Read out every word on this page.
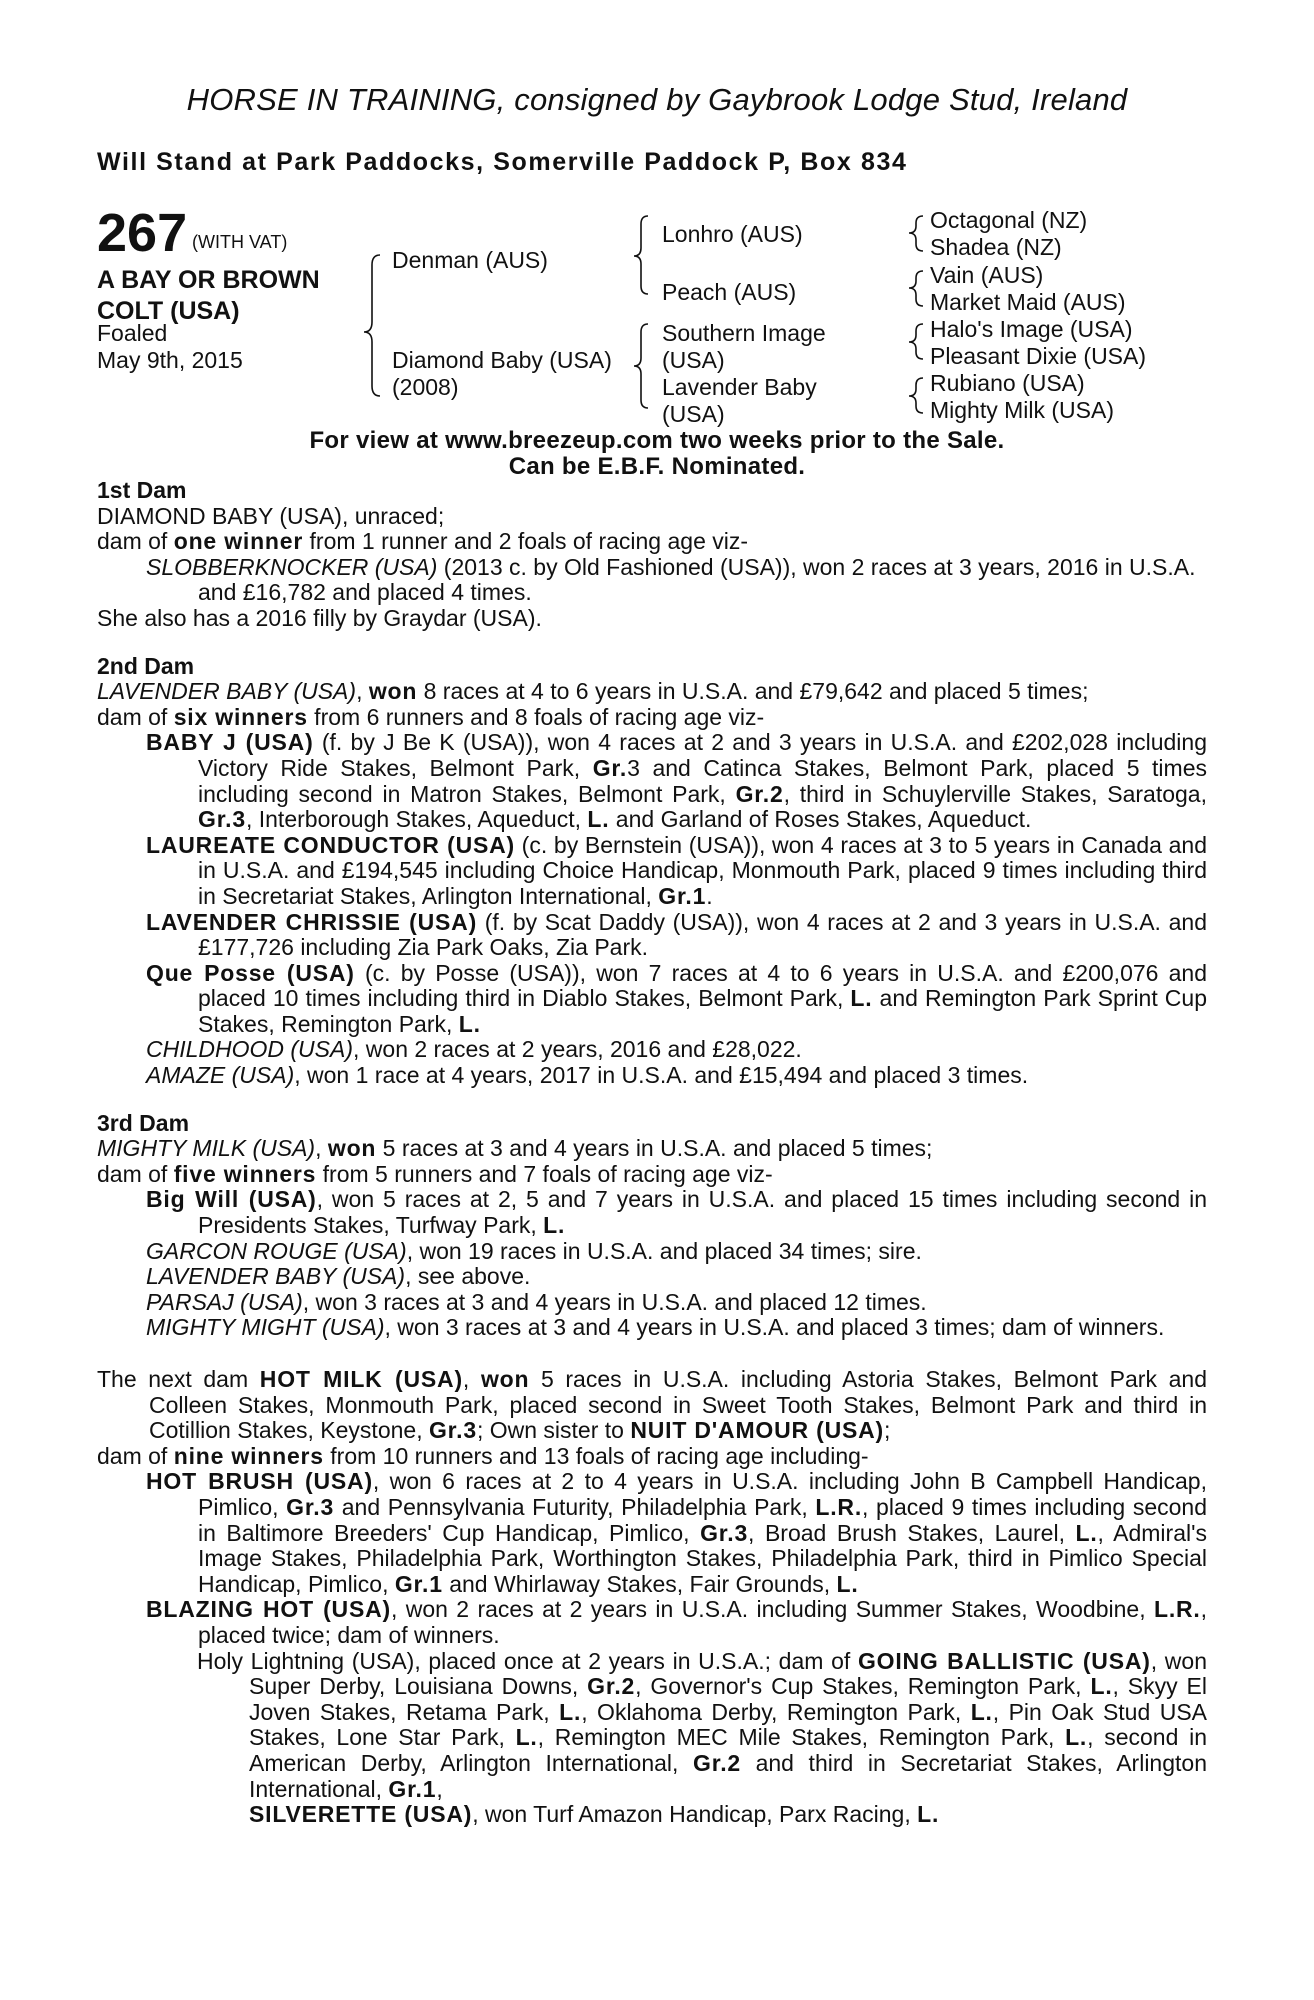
HORSE IN TRAINING, consigned by Gaybrook Lodge Stud, Ireland
Will Stand at Park Paddocks, Somerville Paddock P, Box 834
267 (WITH VAT)
A BAY OR BROWN
COLT (USA)
Foaled
May 9th, 2015
Denman (AUS)
Diamond Baby (USA)
(2008)
Lonhro (AUS)
Peach (AUS)
Southern Image
(USA)
Lavender Baby
(USA)
Octagonal (NZ)
Shadea (NZ)
Vain (AUS)
Market Maid (AUS)
Halo's Image (USA)
Pleasant Dixie (USA)
Rubiano (USA)
Mighty Milk (USA)
For view at www.breezeup.com two weeks prior to the Sale.
Can be E.B.F. Nominated.

1st Dam

DIAMOND BABY (USA), unraced;

dam of one winner from 1 runner and 2 foals of racing age viz-

SLOBBERKNOCKER (USA) (2013 c. by Old Fashioned (USA)), won 2 races at 3 years, 2016 in U.S.A. and £16,782 and placed 4 times.

She also has a 2016 filly by Graydar (USA).

2nd Dam

LAVENDER BABY (USA), won 8 races at 4 to 6 years in U.S.A. and £79,642 and placed 5 times;

dam of six winners from 6 runners and 8 foals of racing age viz-

BABY J (USA) (f. by J Be K (USA)), won 4 races at 2 and 3 years in U.S.A. and £202,028 including Victory Ride Stakes, Belmont Park, Gr.3 and Catinca Stakes, Belmont Park, placed 5 times including second in Matron Stakes, Belmont Park, Gr.2, third in Schuylerville Stakes, Saratoga, Gr.3, Interborough Stakes, Aqueduct, L. and Garland of Roses Stakes, Aqueduct.

LAUREATE CONDUCTOR (USA) (c. by Bernstein (USA)), won 4 races at 3 to 5 years in Canada and in U.S.A. and £194,545 including Choice Handicap, Monmouth Park, placed 9 times including third in Secretariat Stakes, Arlington International, Gr.1.

LAVENDER CHRISSIE (USA) (f. by Scat Daddy (USA)), won 4 races at 2 and 3 years in U.S.A. and £177,726 including Zia Park Oaks, Zia Park.

Que Posse (USA) (c. by Posse (USA)), won 7 races at 4 to 6 years in U.S.A. and £200,076 and placed 10 times including third in Diablo Stakes, Belmont Park, L. and Remington Park Sprint Cup Stakes, Remington Park, L.

CHILDHOOD (USA), won 2 races at 2 years, 2016 and £28,022.

AMAZE (USA), won 1 race at 4 years, 2017 in U.S.A. and £15,494 and placed 3 times.

3rd Dam

MIGHTY MILK (USA), won 5 races at 3 and 4 years in U.S.A. and placed 5 times;

dam of five winners from 5 runners and 7 foals of racing age viz-

Big Will (USA), won 5 races at 2, 5 and 7 years in U.S.A. and placed 15 times including second in Presidents Stakes, Turfway Park, L.

GARCON ROUGE (USA), won 19 races in U.S.A. and placed 34 times; sire.

LAVENDER BABY (USA), see above.

PARSAJ (USA), won 3 races at 3 and 4 years in U.S.A. and placed 12 times.

MIGHTY MIGHT (USA), won 3 races at 3 and 4 years in U.S.A. and placed 3 times; dam of winners.

The next dam HOT MILK (USA), won 5 races in U.S.A. including Astoria Stakes, Belmont Park and Colleen Stakes, Monmouth Park, placed second in Sweet Tooth Stakes, Belmont Park and third in Cotillion Stakes, Keystone, Gr.3; Own sister to NUIT D'AMOUR (USA);

dam of nine winners from 10 runners and 13 foals of racing age including-

HOT BRUSH (USA), won 6 races at 2 to 4 years in U.S.A. including John B Campbell Handicap, Pimlico, Gr.3 and Pennsylvania Futurity, Philadelphia Park, L.R., placed 9 times including second in Baltimore Breeders' Cup Handicap, Pimlico, Gr.3, Broad Brush Stakes, Laurel, L., Admiral's Image Stakes, Philadelphia Park, Worthington Stakes, Philadelphia Park, third in Pimlico Special Handicap, Pimlico, Gr.1 and Whirlaway Stakes, Fair Grounds, L.

BLAZING HOT (USA), won 2 races at 2 years in U.S.A. including Summer Stakes, Woodbine, L.R., placed twice; dam of winners.

Holy Lightning (USA), placed once at 2 years in U.S.A.; dam of GOING BALLISTIC (USA), won Super Derby, Louisiana Downs, Gr.2, Governor's Cup Stakes, Remington Park, L., Skyy El Joven Stakes, Retama Park, L., Oklahoma Derby, Remington Park, L., Pin Oak Stud USA Stakes, Lone Star Park, L., Remington MEC Mile Stakes, Remington Park, L., second in American Derby, Arlington International, Gr.2 and third in Secretariat Stakes, Arlington International, Gr.1,
SILVERETTE (USA), won Turf Amazon Handicap, Parx Racing, L.
